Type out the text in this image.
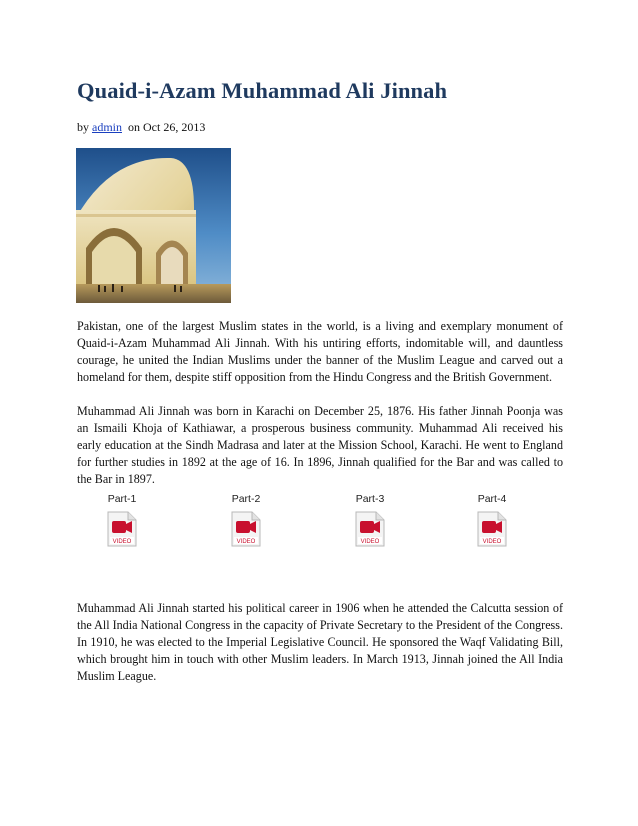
Quaid-i-Azam Muhammad Ali Jinnah
by admin  on Oct 26, 2013

Pakistan, one of the largest Muslim states in the world, is a living and exemplary monument of Quaid-i-Azam Muhammad Ali Jinnah. With his untiring efforts, indomitable will, and dauntless courage, he united the Indian Muslims under the banner of the Muslim League and carved out a homeland for them, despite stiff opposition from the Hindu Congress and the British Government.

Muhammad Ali Jinnah was born in Karachi on December 25, 1876. His father Jinnah Poonja was an Ismaili Khoja of Kathiawar, a prosperous business community. Muhammad Ali received his early education at the Sindh Madrasa and later at the Mission School, Karachi. He went to England for further studies in 1892 at the age of 16. In 1896, Jinnah qualified for the Bar and was called to the Bar in 1897.

Part-1
VIDEO
Part-2
VIDEO
Part-3
VIDEO
Part-4
VIDEO

Muhammad Ali Jinnah started his political career in 1906 when he attended the Calcutta session of the All India National Congress in the capacity of Private Secretary to the President of the Congress. In 1910, he was elected to the Imperial Legislative Council. He sponsored the Waqf Validating Bill, which brought him in touch with other Muslim leaders. In March 1913, Jinnah joined the All India Muslim League.
